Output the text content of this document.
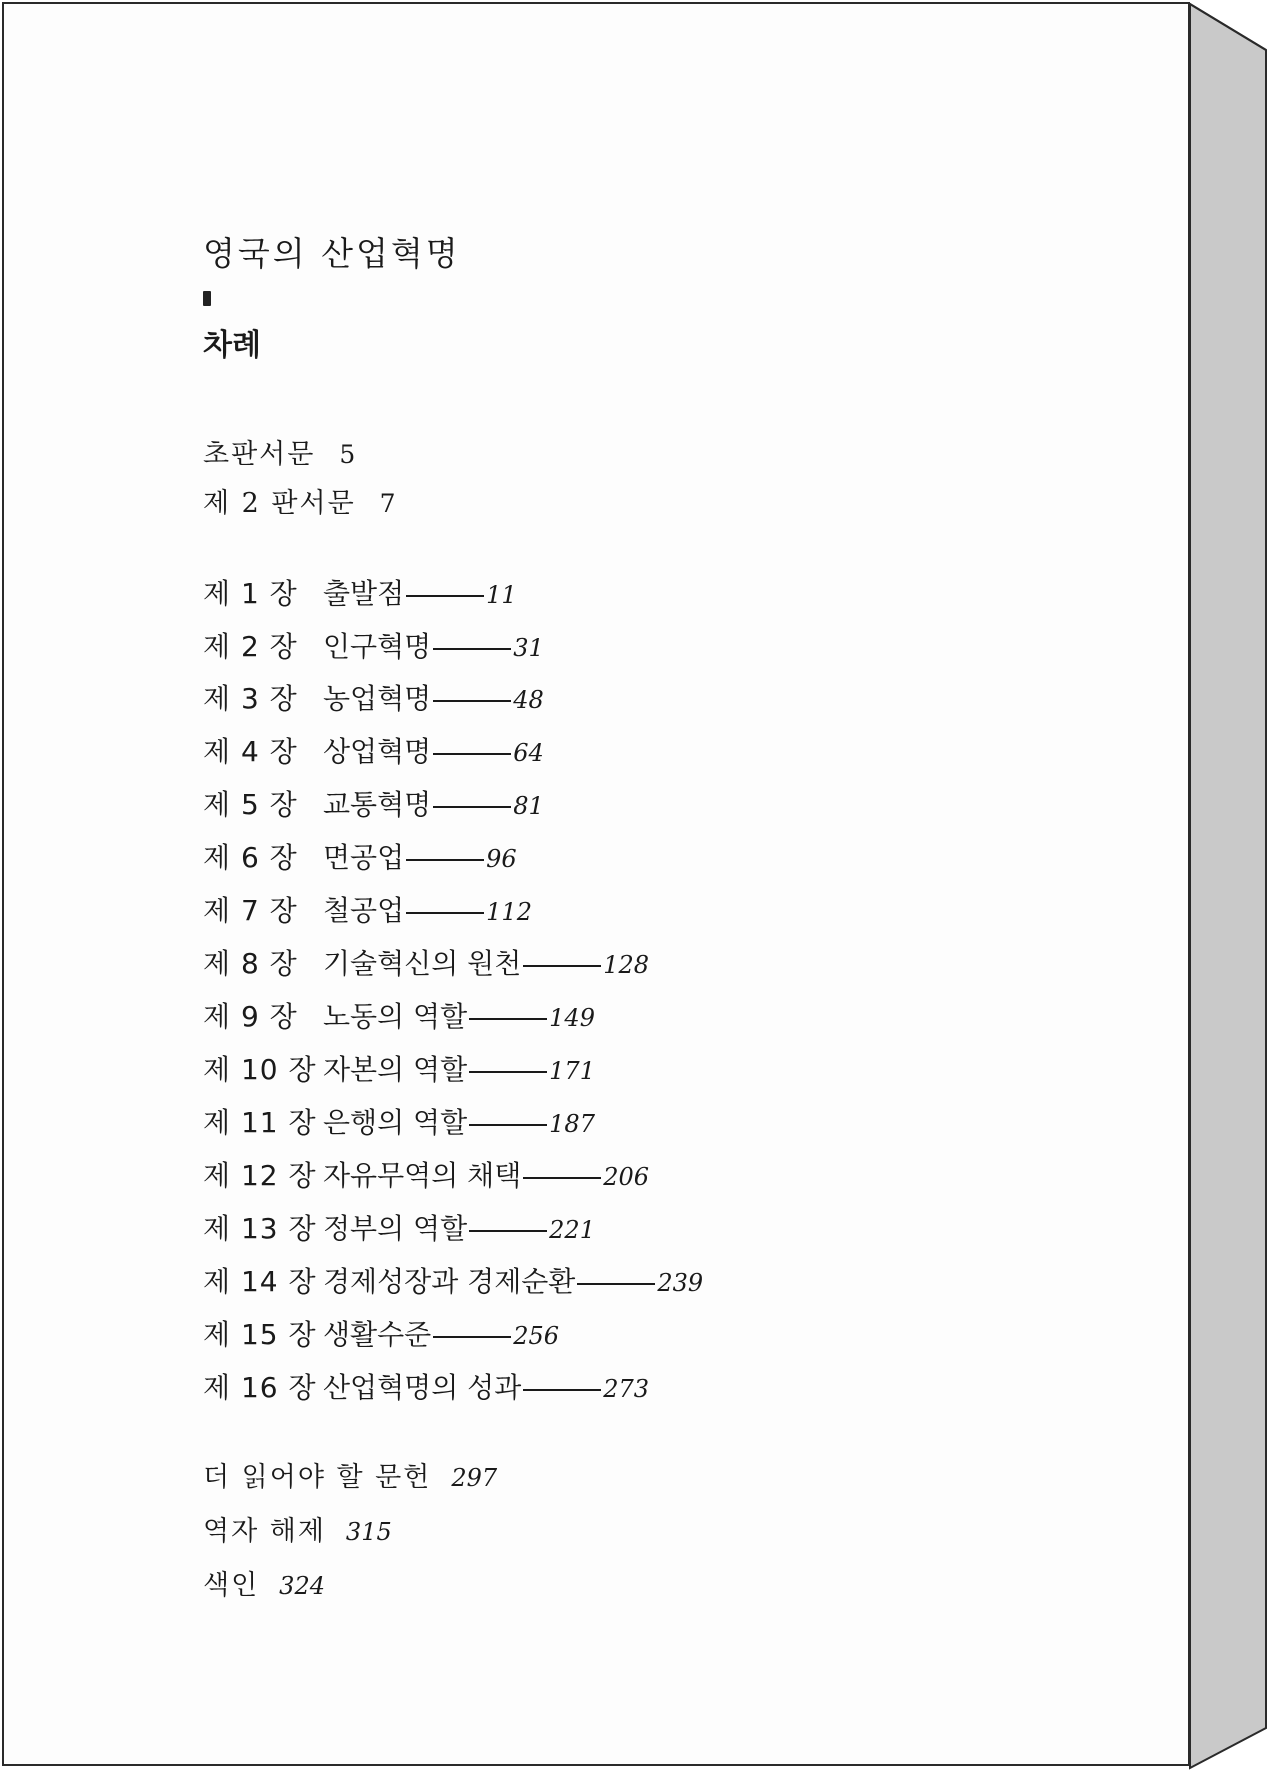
영국의 산업혁명
차례
초판서문 5
제 2 판서문 7
제 1 장 출발점	11
제 2 장 인구혁명	31
제 3 장 농업혁명	48
제 4 장 상업혁명	64
제 5 장 교통혁명	81
제 6 장 면공업	96
제 7 장 철공업	112
제 8 장 기술혁신의 원천	128
제 9 장 노동의 역할	149
제 10 장 자본의 역할	171
제 11 장 은행의 역할	187
제 12 장 자유무역의 채택	206
제 13 장 정부의 역할	221
제 14 장 경제성장과 경제순환	239
제 15 장 생활수준	256
제 16 장 산업혁명의 성과	273
더 읽어야 할 문헌 297
역자 해제 315
색인 324
